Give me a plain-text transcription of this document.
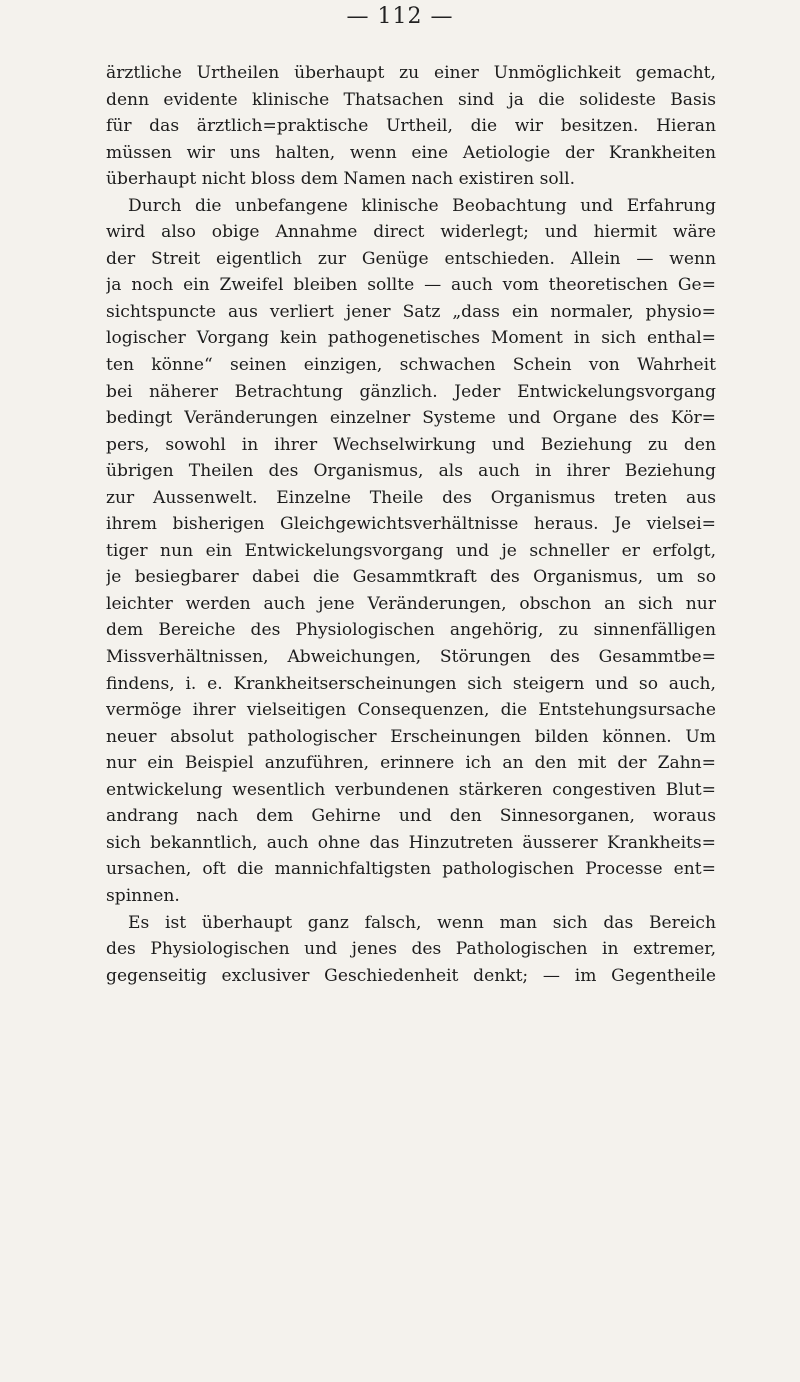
— 112 —
ärztliche Urtheilen überhaupt zu einer Unmöglichkeit gemacht,
denn evidente klinische Thatsachen sind ja die solideste Basis
für das ärztlich=praktische Urtheil, die wir besitzen. Hieran
müssen wir uns halten, wenn eine Aetiologie der Krankheiten
überhaupt nicht bloss dem Namen nach existiren soll.
Durch die unbefangene klinische Beobachtung und Erfahrung
wird also obige Annahme direct widerlegt; und hiermit wäre
der Streit eigentlich zur Genüge entschieden. Allein — wenn
ja noch ein Zweifel bleiben sollte — auch vom theoretischen Ge=
sichtspuncte aus verliert jener Satz „dass ein normaler, physio=
logischer Vorgang kein pathogenetisches Moment in sich enthal=
ten könne“ seinen einzigen, schwachen Schein von Wahrheit
bei näherer Betrachtung gänzlich. Jeder Entwickelungsvorgang
bedingt Veränderungen einzelner Systeme und Organe des Kör=
pers, sowohl in ihrer Wechselwirkung und Beziehung zu den
übrigen Theilen des Organismus, als auch in ihrer Beziehung
zur Aussenwelt. Einzelne Theile des Organismus treten aus
ihrem bisherigen Gleichgewichtsverhältnisse heraus. Je vielsei=
tiger nun ein Entwickelungsvorgang und je schneller er erfolgt,
je besiegbarer dabei die Gesammtkraft des Organismus, um so
leichter werden auch jene Veränderungen, obschon an sich nur
dem Bereiche des Physiologischen angehörig, zu sinnenfälligen
Missverhältnissen, Abweichungen, Störungen des Gesammtbe=
findens, i. e. Krankheitserscheinungen sich steigern und so auch,
vermöge ihrer vielseitigen Consequenzen, die Entstehungsursache
neuer absolut pathologischer Erscheinungen bilden können. Um
nur ein Beispiel anzuführen, erinnere ich an den mit der Zahn=
entwickelung wesentlich verbundenen stärkeren congestiven Blut=
andrang nach dem Gehirne und den Sinnesorganen, woraus
sich bekanntlich, auch ohne das Hinzutreten äusserer Krankheits=
ursachen, oft die mannichfaltigsten pathologischen Processe ent=
spinnen.
Es ist überhaupt ganz falsch, wenn man sich das Bereich
des Physiologischen und jenes des Pathologischen in extremer,
gegenseitig exclusiver Geschiedenheit denkt; — im Gegentheile
